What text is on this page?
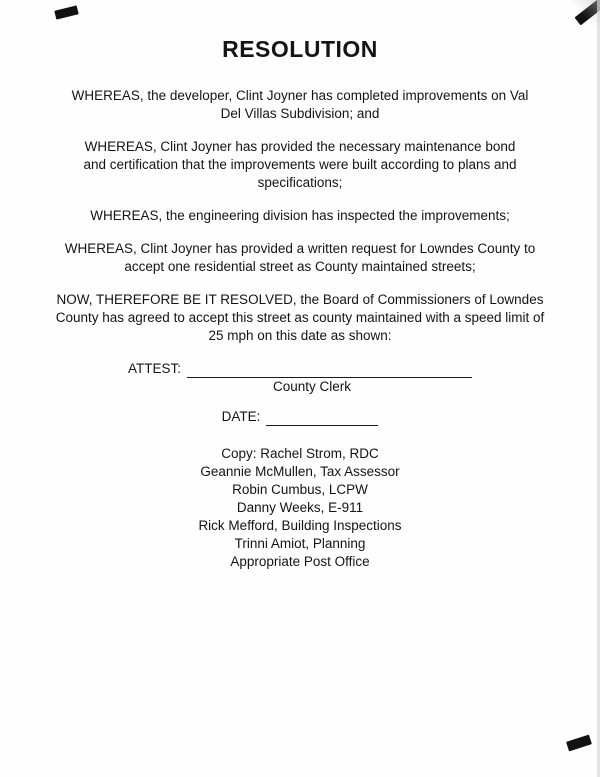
RESOLUTION

WHEREAS, the developer, Clint Joyner has completed improvements on Val Del Villas Subdivision; and

WHEREAS, Clint Joyner has provided the necessary maintenance bond and certification that the improvements were built according to plans and specifications;

WHEREAS, the engineering division has inspected the improvements;

WHEREAS, Clint Joyner has provided a written request for Lowndes County to accept one residential street as County maintained streets;

NOW, THEREFORE BE IT RESOLVED, the Board of Commissioners of Lowndes County has agreed to accept this street as county maintained with a speed limit of 25 mph on this date as shown:

ATTEST:
County Clerk
DATE:
Copy: Rachel Strom, RDC
Geannie McMullen, Tax Assessor
Robin Cumbus, LCPW
Danny Weeks, E-911
Rick Mefford, Building Inspections
Trinni Amiot, Planning
Appropriate Post Office
